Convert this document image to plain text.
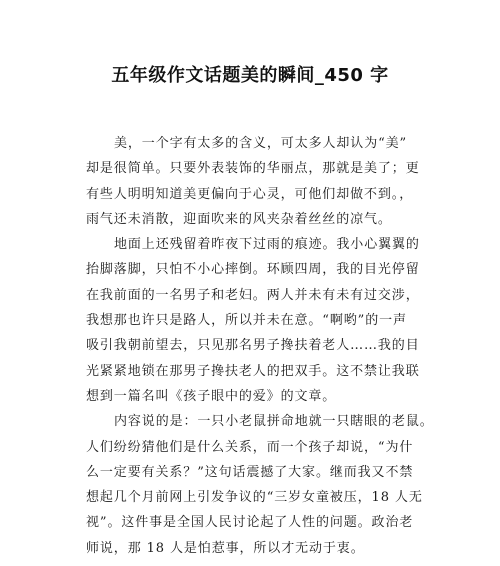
五年级作文话题美的瞬间_450 字
美，一个字有太多的含义，可太多人却认为“美”
却是很简单。只要外表装饰的华丽点，那就是美了；更
有些人明明知道美更偏向于心灵，可他们却做不到。，
雨气还未消散，迎面吹来的风夹杂着丝丝的凉气。
地面上还残留着昨夜下过雨的痕迹。我小心翼翼的
抬脚落脚，只怕不小心摔倒。环顾四周，我的目光停留
在我前面的一名男子和老妇。两人并未有未有过交涉，
我想那也许只是路人，所以并未在意。“啊哟”的一声
吸引我朝前望去，只见那名男子搀扶着老人……我的目
光紧紧地锁在那男子搀扶老人的把双手。这不禁让我联
想到一篇名叫《孩子眼中的爱》的文章。
内容说的是：一只小老鼠拼命地就一只瞎眼的老鼠。
人们纷纷猜他们是什么关系，而一个孩子却说，“为什
么一定要有关系？”这句话震撼了大家。继而我又不禁
想起几个月前网上引发争议的“三岁女童被压，18 人无
视”。这件事是全国人民讨论起了人性的问题。政治老
师说，那 18 人是怕惹事，所以才无动于衷。
